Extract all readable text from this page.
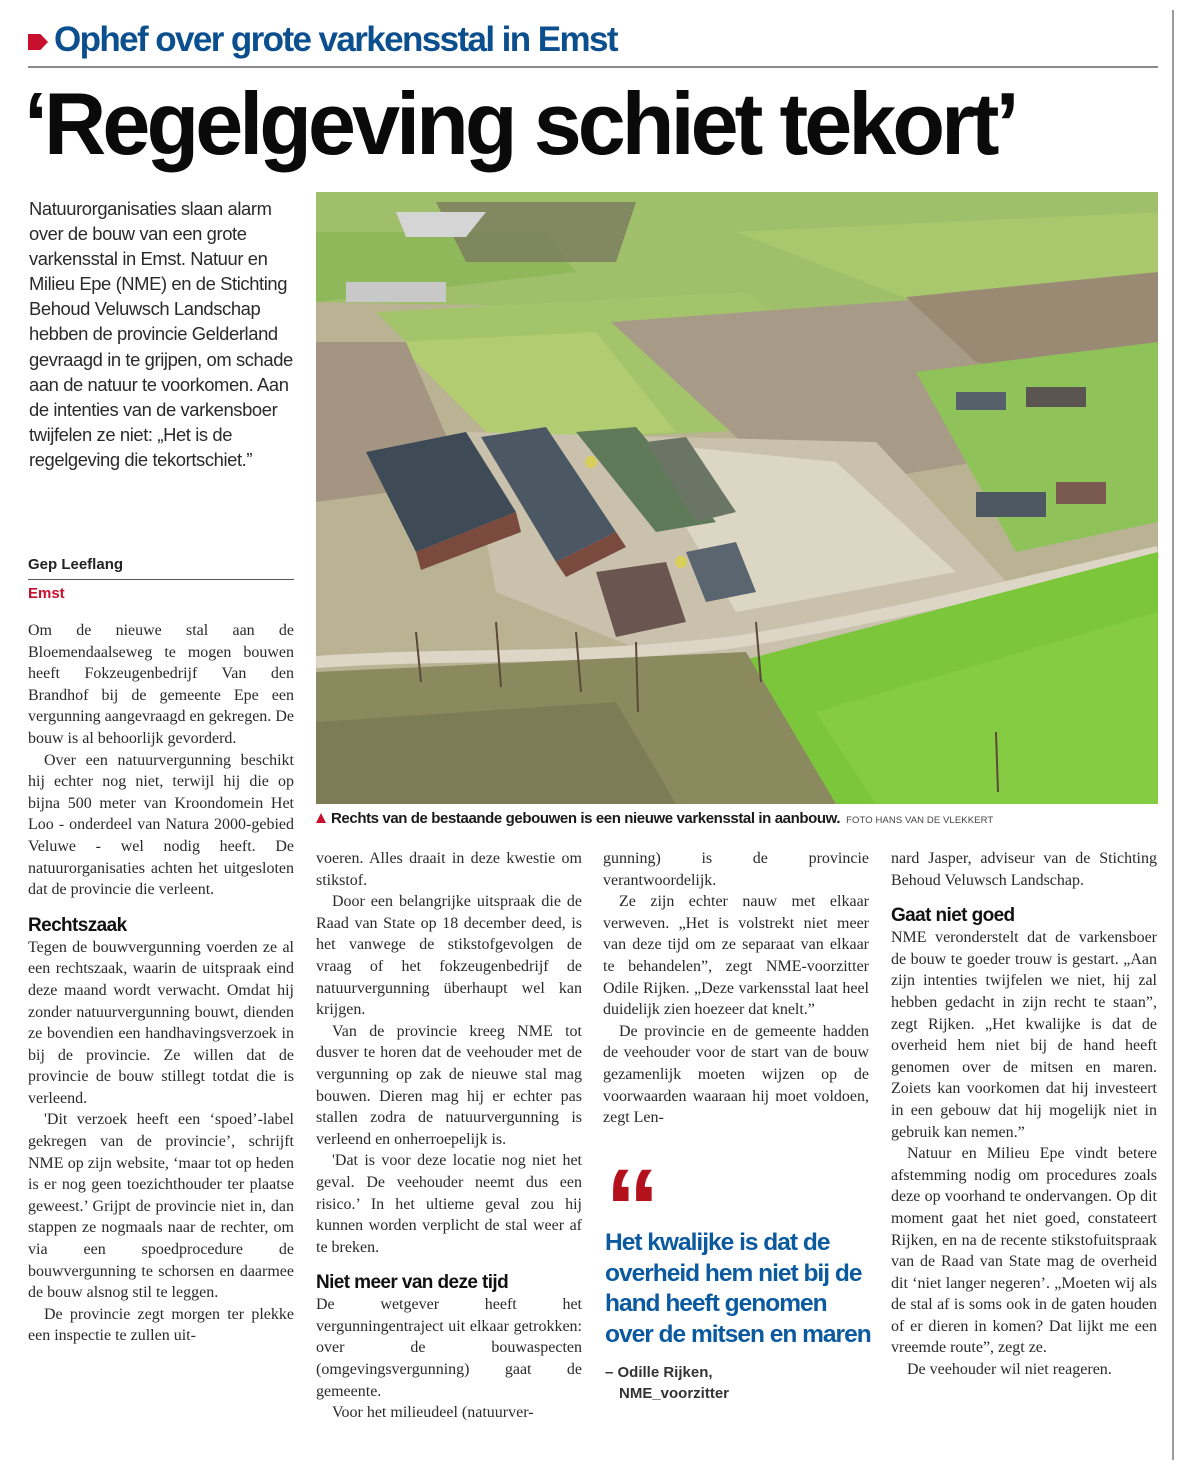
Ophef over grote varkensstal in Emst
‘Regelgeving schiet tekort’
Natuurorganisaties slaan alarm over de bouw van een grote varkensstal in Emst. Natuur en Milieu Epe (NME) en de Stichting Behoud Veluwsch Landschap hebben de provincie Gelderland gevraagd in te grijpen, om schade aan de natuur te voorkomen. Aan de intenties van de varkensboer twijfelen ze niet: „Het is de regelgeving die tekortschiet.”
Gep Leeflang
Emst
Rechts van de bestaande gebouwen is een nieuwe varkensstal in aanbouw. FOTO HANS VAN DE VLEKKERT

Om de nieuwe stal aan de Bloemendaalseweg te mogen bouwen heeft Fokzeugenbedrijf Van den Brandhof bij de gemeente Epe een vergunning aangevraagd en gekregen. De bouw is al behoorlijk gevorderd.

Over een natuurvergunning beschikt hij echter nog niet, terwijl hij die op bijna 500 meter van Kroondomein Het Loo - onderdeel van Natura 2000-gebied Veluwe - wel nodig heeft. De natuurorganisaties achten het uitgesloten dat de provincie die verleent.

Rechtszaak

Tegen de bouwvergunning voerden ze al een rechtszaak, waarin de uitspraak eind deze maand wordt verwacht. Omdat hij zonder natuurvergunning bouwt, dienden ze bovendien een handhavingsverzoek in bij de provincie. Ze willen dat de provincie de bouw stillegt totdat die is verleend.

'Dit verzoek heeft een ‘spoed’-label gekregen van de provincie’, schrijft NME op zijn website, ‘maar tot op heden is er nog geen toezichthouder ter plaatse geweest.’ Grijpt de provincie niet in, dan stappen ze nogmaals naar de rechter, om via een spoedprocedure de bouwvergunning te schorsen en daarmee de bouw alsnog stil te leggen.

De provincie zegt morgen ter plekke een inspectie te zullen uit-

voeren. Alles draait in deze kwestie om stikstof.

Door een belangrijke uitspraak die de Raad van State op 18 december deed, is het vanwege de stikstofgevolgen de vraag of het fokzeugenbedrijf de natuurvergunning überhaupt wel kan krijgen.

Van de provincie kreeg NME tot dusver te horen dat de veehouder met de vergunning op zak de nieuwe stal mag bouwen. Dieren mag hij er echter pas stallen zodra de natuurvergunning is verleend en onherroepelijk is.

'Dat is voor deze locatie nog niet het geval. De veehouder neemt dus een risico.’ In het ultieme geval zou hij kunnen worden verplicht de stal weer af te breken.

Niet meer van deze tijd

De wetgever heeft het vergunningentraject uit elkaar getrokken: over de bouwaspecten (omgevingsvergunning) gaat de gemeente.

Voor het milieudeel (natuurver-

gunning) is de provincie verantwoordelijk.

Ze zijn echter nauw met elkaar verweven. „Het is volstrekt niet meer van deze tijd om ze separaat van elkaar te behandelen”, zegt NME-voorzitter Odile Rijken. „Deze varkensstal laat heel duidelijk zien hoezeer dat knelt.”

De provincie en de gemeente hadden de veehouder voor de start van de bouw gezamenlijk moeten wijzen op de voorwaarden waaraan hij moet voldoen, zegt Len-

“
Het kwalijke is dat de overheid hem niet bij de hand heeft genomen over de mitsen en maren
– Odille Rijken,
NME_voorzitter

nard Jasper, adviseur van de Stichting Behoud Veluwsch Landschap.

Gaat niet goed

NME veronderstelt dat de varkensboer de bouw te goeder trouw is gestart. „Aan zijn intenties twijfelen we niet, hij zal hebben gedacht in zijn recht te staan”, zegt Rijken. „Het kwalijke is dat de overheid hem niet bij de hand heeft genomen over de mitsen en maren. Zoiets kan voorkomen dat hij investeert in een gebouw dat hij mogelijk niet in gebruik kan nemen.”

Natuur en Milieu Epe vindt betere afstemming nodig om procedures zoals deze op voorhand te ondervangen. Op dit moment gaat het niet goed, constateert Rijken, en na de recente stikstofuitspraak van de Raad van State mag de overheid dit ‘niet langer negeren’. „Moeten wij als de stal af is soms ook in de gaten houden of er dieren in komen? Dat lijkt me een vreemde route”, zegt ze.

De veehouder wil niet reageren.
